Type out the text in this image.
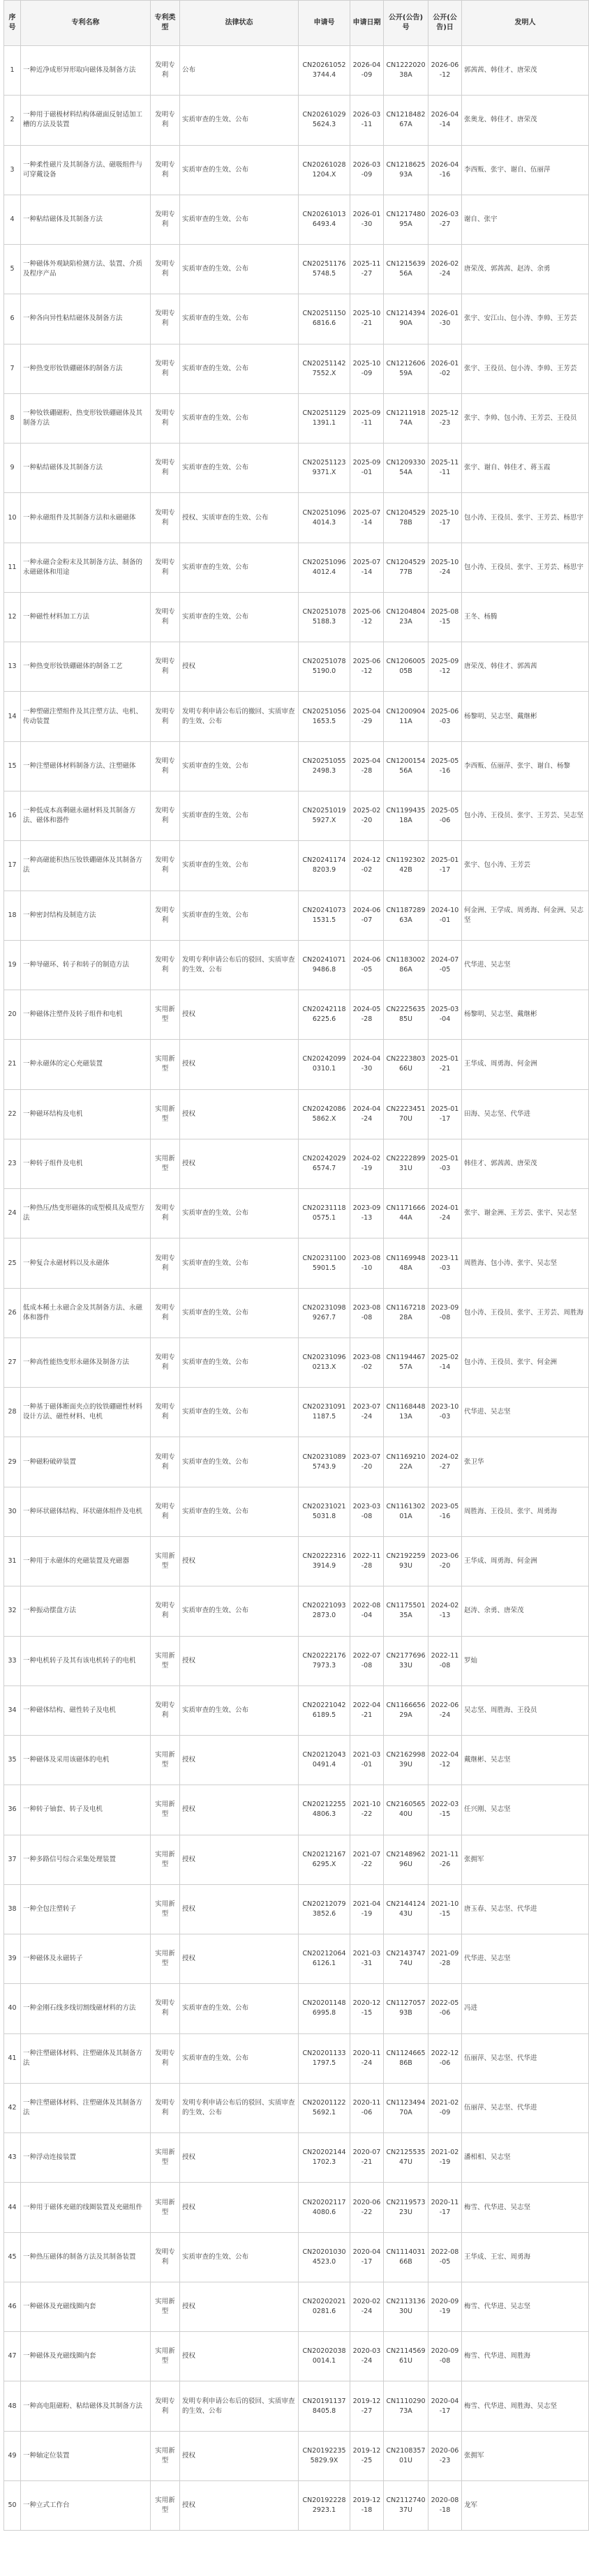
序号	专利名称	专利类型	法律状态	申请号	申请日期	公开(公告)号	公开(公告)日	发明人
1	一种近净成形异形取向磁体及制备方法	发明专利	公布	CN202610523744.4	2026-04-09	CN122202038A	2026-06-12	郭茜茜、韩佳才、唐荣茂
2	一种用于磁极材料结构体磁面反射适加工槽的方法及装置	发明专利	实质审查的生效、公布	CN202610295624.3	2026-03-11	CN121848267A	2026-04-14	张奥龙、韩佳才、唐荣茂
3	一种柔性磁片及其制备方法、磁吸组件与可穿戴设备	发明专利	实质审查的生效、公布	CN202610281204.X	2026-03-09	CN121862593A	2026-04-16	李西贩、张宇、谢自、伍丽萍
4	一种粘结磁体及其制备方法	发明专利	实质审查的生效、公布	CN202610136493.4	2026-01-30	CN121748095A	2026-03-27	谢自、张宇
5	一种磁体外观缺陷检测方法、装置、介质及程序产品	发明专利	实质审查的生效、公布	CN202511765748.5	2025-11-27	CN121563956A	2026-02-24	唐荣茂、郭茜茜、赵涛、余勇
6	一种各向异性粘结磁体及制备方法	发明专利	实质审查的生效、公布	CN202511506816.6	2025-10-21	CN121439490A	2026-01-30	张宇、安江山、包小涛、李帅、王芳芸
7	一种热变形钕铁硼磁体的制备方法	发明专利	实质审查的生效、公布	CN202511427552.X	2025-10-09	CN121260659A	2026-01-02	张宇、王役员、包小涛、李帅、王芳芸
8	一种钕铁硼磁粉、热变形钕铁硼磁体及其制备方法	发明专利	实质审查的生效、公布	CN202511291391.1	2025-09-11	CN121191874A	2025-12-23	张宇、李帅、包小涛、王芳芸、王役员
9	一种粘结磁体及其制备方法	发明专利	实质审查的生效、公布	CN202511239371.X	2025-09-01	CN120933054A	2025-11-11	张宇、谢自、韩佳才、蒋玉霞
10	一种永磁组件及其制备方法和永磁磁体	发明专利	授权、实质审查的生效、公布	CN202510964014.3	2025-07-14	CN120452978B	2025-10-17	包小涛、王役员、张宇、王芳芸、杨思宇
11	一种永磁合金粉末及其制备方法、制备的永磁磁体和用途	发明专利	实质审查的生效、公布	CN202510964012.4	2025-07-14	CN120452977B	2025-10-24	包小涛、王役员、张宇、王芳芸、杨思宇
12	一种磁性材料加工方法	发明专利	实质审查的生效、公布	CN202510785188.3	2025-06-12	CN120480423A	2025-08-15	王冬、杨腾
13	一种热变形钕铁硼磁体的制备工艺	发明专利	授权	CN202510785190.0	2025-06-12	CN120600505B	2025-09-12	唐荣茂、韩佳才、郭茜茜
14	一种塑磁注塑组件及其注塑方法、电机、传动装置	发明专利	发明专利申请公布后的撤回、实质审查的生效、公布	CN202510561653.5	2025-04-29	CN120090411A	2025-06-03	杨黎明、吴志坚、戴继彬
15	一种注塑磁体材料制备方法、注塑磁体	发明专利	实质审查的生效、公布	CN202510552498.3	2025-04-28	CN120015456A	2025-05-16	李西贩、伍丽萍、张宇、谢自、杨黎
16	一种低成本高剩磁永磁材料及其制备方法、磁体和器件	发明专利	实质审查的生效、公布	CN202510195927.X	2025-02-20	CN119943518A	2025-05-06	包小涛、王役员、张宇、王芳芸、吴志坚
17	一种高磁能积热压钕铁硼磁体及其制备方法	发明专利	实质审查的生效、公布	CN202411748203.9	2024-12-02	CN119230242B	2025-01-17	张宇、包小涛、王芳芸
18	一种密封结构及制造方法	发明专利	实质审查的生效、公布	CN202410731531.5	2024-06-07	CN118728963A	2024-10-01	何金洲、王学成、周勇海、何金洲、吴志坚
19	一种导磁环、转子和转子的制造方法	发明专利	发明专利申请公布后的驳回、实质审查的生效、公布	CN202410719486.8	2024-06-05	CN118300286A	2024-07-05	代华进、吴志坚
20	一种磁体注塑件及转子组件和电机	实用新型	授权	CN202421186225.6	2024-05-28	CN222563585U	2025-03-04	杨黎明、吴志坚、戴继彬
21	一种永磁体的定心充磁装置	实用新型	授权	CN202420990310.1	2024-04-30	CN222380366U	2025-01-21	王华成、周勇海、何金洲
22	一种磁环结构及电机	实用新型	授权	CN202420865862.X	2024-04-24	CN222345170U	2025-01-17	田海、吴志坚、代华进
23	一种转子组件及电机	实用新型	授权	CN202420296574.7	2024-02-19	CN222289931U	2025-01-03	韩佳才、郭茜茜、唐荣茂
24	一种热压/热变形磁体的成型模具及成型方法	发明专利	实质审查的生效、公布	CN202311180575.1	2023-09-13	CN117166644A	2024-01-24	张宇、谢金洲、王芳芸、张宇、吴志坚
25	一种复合永磁材料以及永磁体	发明专利	实质审查的生效、公布	CN202311005901.5	2023-08-10	CN116994848A	2023-11-03	周胜海、包小涛、张宇、吴志坚
26	低成本稀土永磁合金及其制备方法、永磁体和器件	发明专利	实质审查的生效、公布	CN202310989267.7	2023-08-08	CN116721828A	2023-09-08	包小涛、王役员、张宇、王芳芸、周胜海
27	一种高性能热变形永磁体及制备方法	发明专利	实质审查的生效、公布	CN202310960213.X	2023-08-02	CN119446757A	2025-02-14	包小涛、王役员、张宇、何金洲
28	一种基于磁体断面夹点的钕铁硼磁性材料设计方法、磁性材料、电机	发明专利	实质审查的生效、公布	CN202310911187.5	2023-07-24	CN116844813A	2023-10-03	代华进、吴志坚
29	一种磁粉破碎装置	发明专利	实质审查的生效、公布	CN202310895743.9	2023-07-20	CN116921022A	2024-02-27	张卫华
30	一种环状磁体结构、环状磁体组件及电机	发明专利	实质审查的生效、公布	CN202310215031.8	2023-03-08	CN116130201A	2023-05-16	周胜海、王役员、张宇、周勇海
31	一种用于永磁体的充磁装置及充磁器	实用新型	授权	CN202223163914.9	2022-11-28	CN219225993U	2023-06-20	王华成、周勇海、何金洲
32	一种振动摆盘方法	发明专利	实质审查的生效、公布	CN202210932873.0	2022-08-04	CN117550135A	2024-02-13	赵涛、余勇、唐荣茂
33	一种电机转子及其有该电机转子的电机	实用新型	授权	CN202221767973.3	2022-07-08	CN217769633U	2022-11-08	罗灿
34	一种磁体结构、磁性转子及电机	发明专利	实质审查的生效、公布	CN202210426189.5	2022-04-21	CN116665629A	2022-06-24	吴志坚、周胜海、王役员
35	一种磁体及采用该磁体的电机	实用新型	授权	CN202120430491.4	2021-03-01	CN216299839U	2022-04-12	戴继彬、吴志坚
36	一种转子铀套、转子及电机	实用新型	授权	CN202122554806.3	2021-10-22	CN216056540U	2022-03-15	任兴刚、吴志坚
37	一种多路信号综合采集处理装置	实用新型	授权	CN202121676295.X	2021-07-22	CN214896296U	2021-11-26	张拥军
38	一种全包注塑转子	实用新型	授权	CN202120793852.6	2021-04-19	CN214412443U	2021-10-15	唐玉春、吴志坚、代华进
39	一种磁体及永磁转子	实用新型	授权	CN202120646126.1	2021-03-31	CN214374774U	2021-09-28	代华进、吴志坚
40	一种金刚石线多线切割线磁材料的方法	发明专利	实质审查的生效、公布	CN202011486995.8	2020-12-15	CN112705793B	2022-05-06	冯进
41	一种注塑磁体材料、注塑磁体及其制备方法	发明专利	实质审查的生效、公布	CN202011331797.5	2020-11-24	CN112466586B	2022-12-06	伍丽萍、吴志坚、代华进
42	一种注塑磁体材料、注塑磁体及其制备方法	发明专利	发明专利申请公布后的驳回、实质审查的生效、公布	CN202011225692.1	2020-11-06	CN112349470A	2021-02-09	伍丽萍、吴志坚、代华进
43	一种浮动连接装置	实用新型	授权	CN202021441702.3	2020-07-21	CN212553547U	2021-02-19	潘相相、吴志坚
44	一种用于磁体充磁的线圈装置及充磁组件	实用新型	授权	CN202021174080.6	2020-06-22	CN211957323U	2020-11-17	梅雪、代华进、吴志坚
45	一种热压磁体的制备方法及其制备装置	发明专利	实质审查的生效、公布	CN202010304523.0	2020-04-17	CN111403166B	2022-08-05	王华成、王宏、周勇海
46	一种磁体及充磁线圈内套	实用新型	授权	CN202020210281.6	2020-02-24	CN211313630U	2020-09-19	梅雪、代华进、吴志坚
47	一种磁体及充磁线圈内套	实用新型	授权	CN202020380014.1	2020-03-24	CN211456961U	2020-09-08	梅雪、代华进、周胜海
48	一种高电阻磁粉、粘结磁体及其制备方法	发明专利	发明专利申请公布后的驳回、实质审查的生效、公布	CN201911378405.8	2019-12-27	CN111029073A	2020-04-17	梅雪、代华进、周胜海、吴志坚
49	一种轴定位装置	实用新型	授权	CN201922355829.9X	2019-12-25	CN210835701U	2020-06-23	张拥军
50	一种立式工作台	实用新型	授权	CN201922282923.1	2019-12-18	CN211274037U	2020-08-18	龙军
